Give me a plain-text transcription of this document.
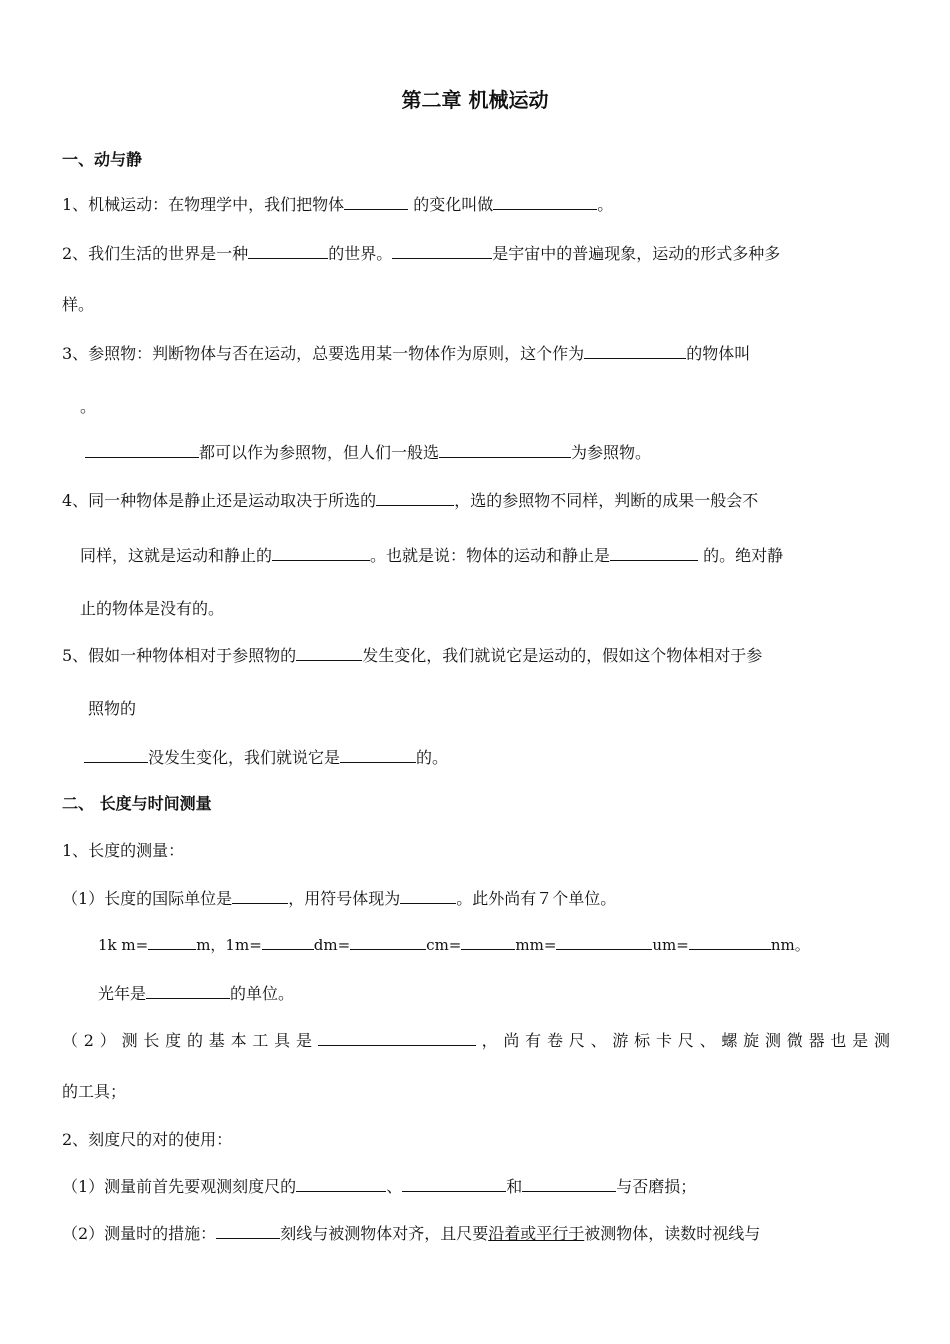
第二章 机械运动
一、动与静
1、机械运动：在物理学中，我们把物体	的变化叫做	。
2、我们生活的世界是一种	的世界。	是宇宙中的普遍现象，运动的形式多种多
样。
3、参照物：判断物体与否在运动，总要选用某一物体作为原则，这个作为	的物体叫
。
都可以作为参照物，但人们一般选	为参照物。
4、同一种物体是静止还是运动取决于所选的	，选的参照物不同样，判断的成果一般会不
同样，这就是运动和静止的	。也就是说：物体的运动和静止是	的。绝对静
止的物体是没有的。
5、假如一种物体相对于参照物的	发生变化，我们就说它是运动的，假如这个物体相对于参
照物的
没发生变化，我们就说它是	的。
二、 长度与时间测量
1、长度的测量：
（1）长度的国际单位是	，用符号体现为	。此外尚有７个单位。
1k m=	m，1m=	dm=	cm=	mm=	um=	nm。
光年是	的单位。
（2）测长度的基本工具是	，尚有卷尺、游标卡尺、螺旋测微器也是测
的工具；
2、刻度尺的对的使用：
（1）测量前首先要观测刻度尺的	、	和	与否磨损；
（2）测量时的措施：	刻线与被测物体对齐，且尺要沿着或平行于被测物体，读数时视线与
